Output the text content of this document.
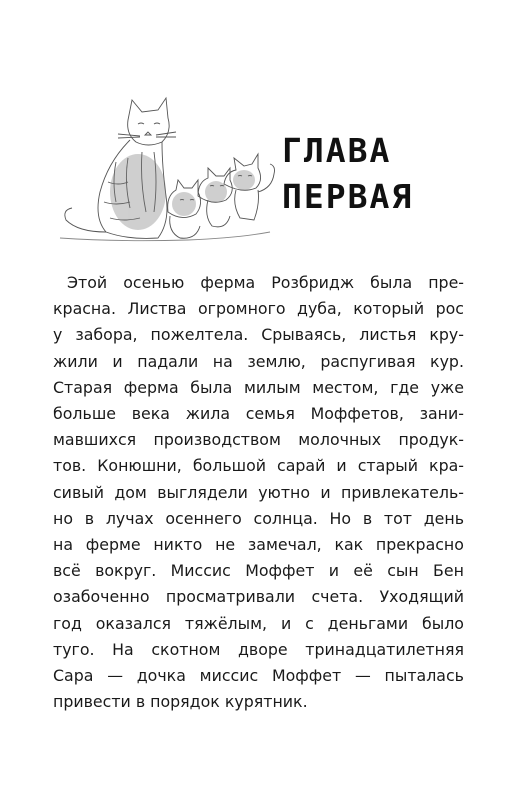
ГЛАВА
ПЕРВАЯ
Этой осенью ферма Розбридж была пре-
красна. Листва огромного дуба, который рос
у забора, пожелтела. Срываясь, листья кру-
жили и падали на землю, распугивая кур.
Старая ферма была милым местом, где уже
больше века жила семья Моффетов, зани-
мавшихся производством молочных продук-
тов. Конюшни, большой сарай и старый кра-
сивый дом выглядели уютно и привлекатель-
но в лучах осеннего солнца. Но в тот день
на ферме никто не замечал, как прекрасно
всё вокруг. Миссис Моффет и её сын Бен
озабоченно просматривали счета. Уходящий
год оказался тяжёлым, и с деньгами было
туго. На скотном дворе тринадцатилетняя
Сара — дочка миссис Моффет — пыталась
привести в порядок курятник.
